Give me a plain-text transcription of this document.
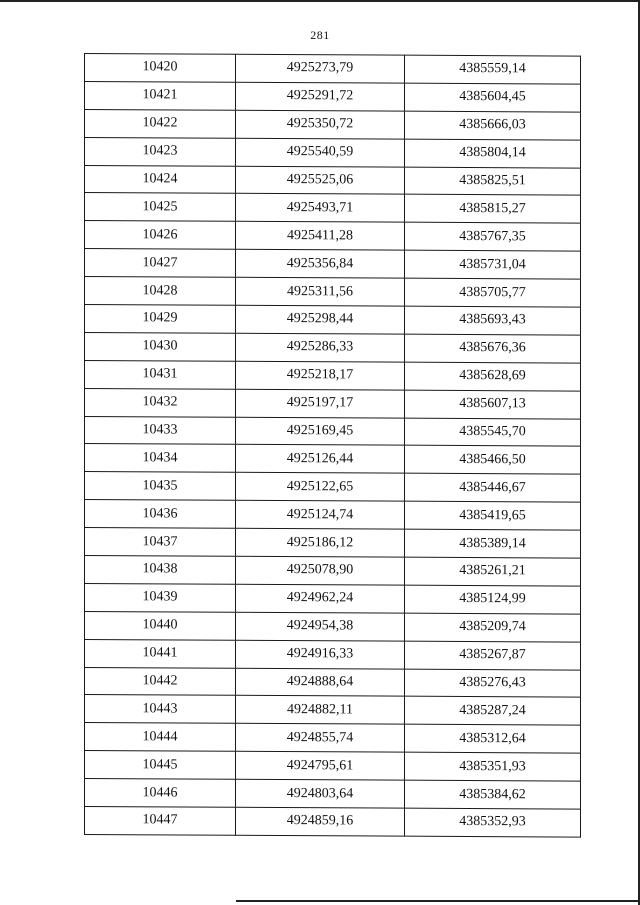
281
10420	4925273,79	4385559,14
10421	4925291,72	4385604,45
10422	4925350,72	4385666,03
10423	4925540,59	4385804,14
10424	4925525,06	4385825,51
10425	4925493,71	4385815,27
10426	4925411,28	4385767,35
10427	4925356,84	4385731,04
10428	4925311,56	4385705,77
10429	4925298,44	4385693,43
10430	4925286,33	4385676,36
10431	4925218,17	4385628,69
10432	4925197,17	4385607,13
10433	4925169,45	4385545,70
10434	4925126,44	4385466,50
10435	4925122,65	4385446,67
10436	4925124,74	4385419,65
10437	4925186,12	4385389,14
10438	4925078,90	4385261,21
10439	4924962,24	4385124,99
10440	4924954,38	4385209,74
10441	4924916,33	4385267,87
10442	4924888,64	4385276,43
10443	4924882,11	4385287,24
10444	4924855,74	4385312,64
10445	4924795,61	4385351,93
10446	4924803,64	4385384,62
10447	4924859,16	4385352,93
